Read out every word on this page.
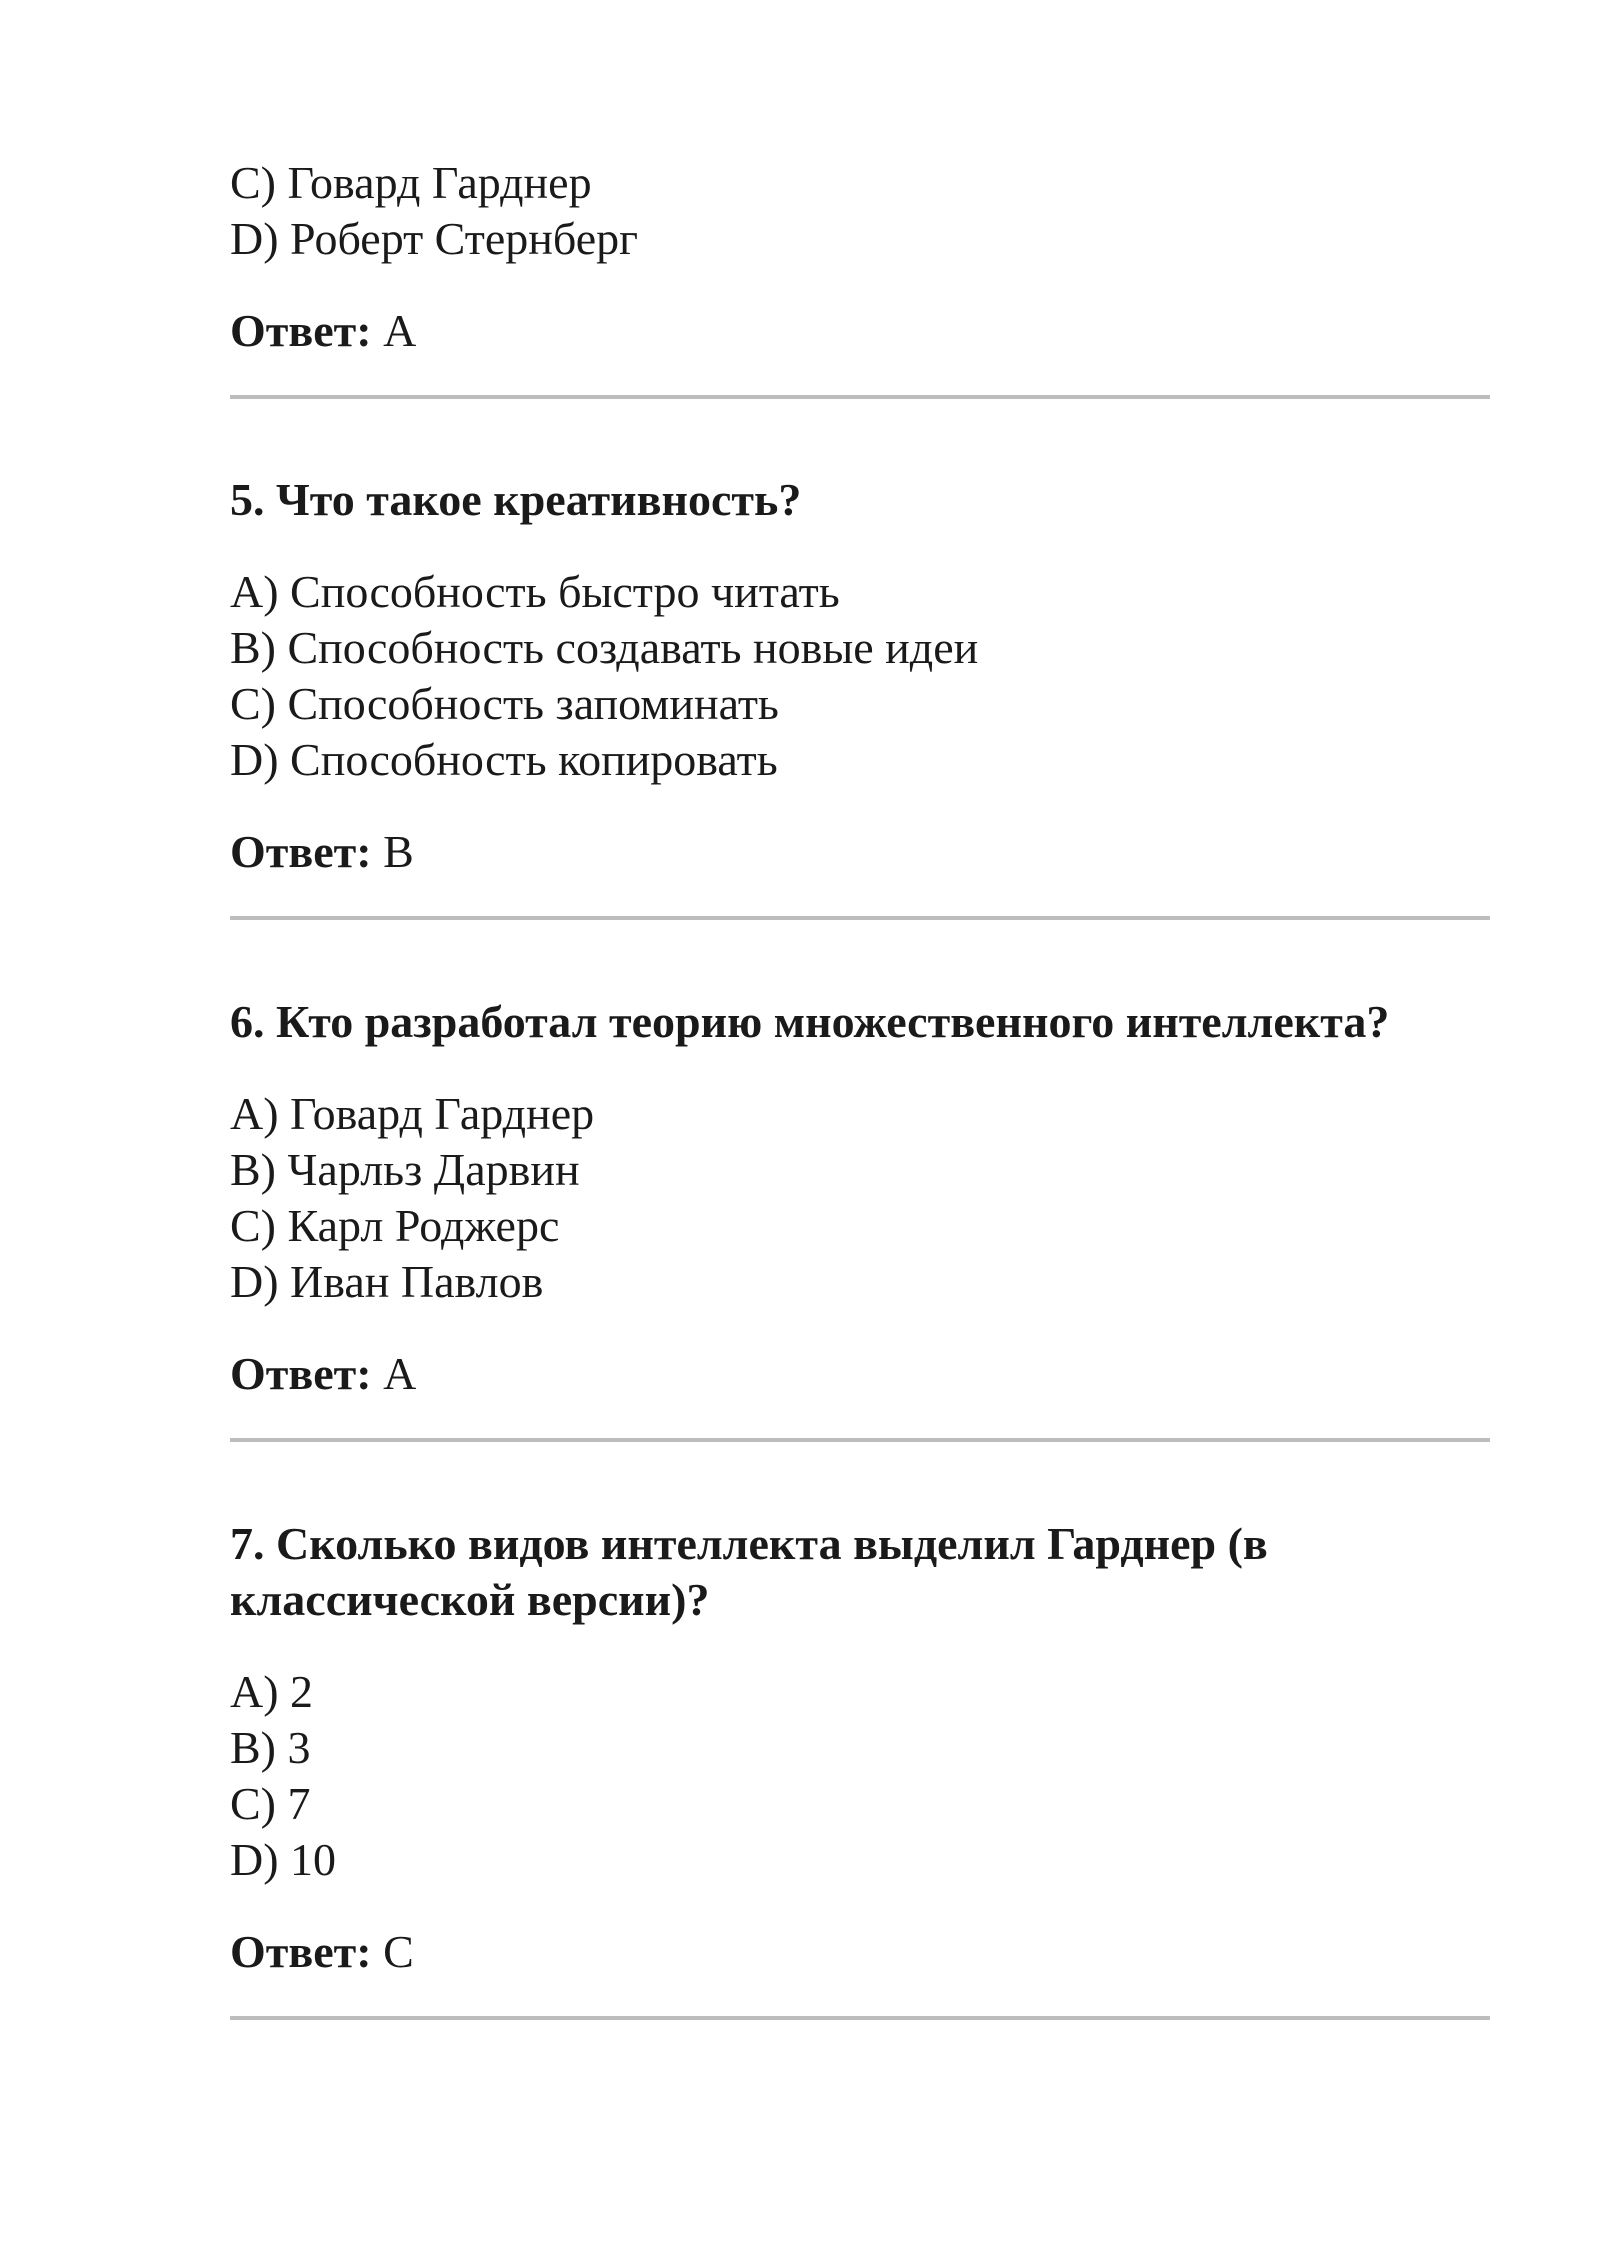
C) Говард Гарднер
D) Роберт Стернберг
Ответ: A
5. Что такое креативность?
A) Способность быстро читать
B) Способность создавать новые идеи
C) Способность запоминать
D) Способность копировать
Ответ: B
6. Кто разработал теорию множественного интеллекта?
A) Говард Гарднер
B) Чарльз Дарвин
C) Карл Роджерс
D) Иван Павлов
Ответ: A
7. Сколько видов интеллекта выделил Гарднер (в классической версии)?
A) 2
B) 3
C) 7
D) 10
Ответ: C
